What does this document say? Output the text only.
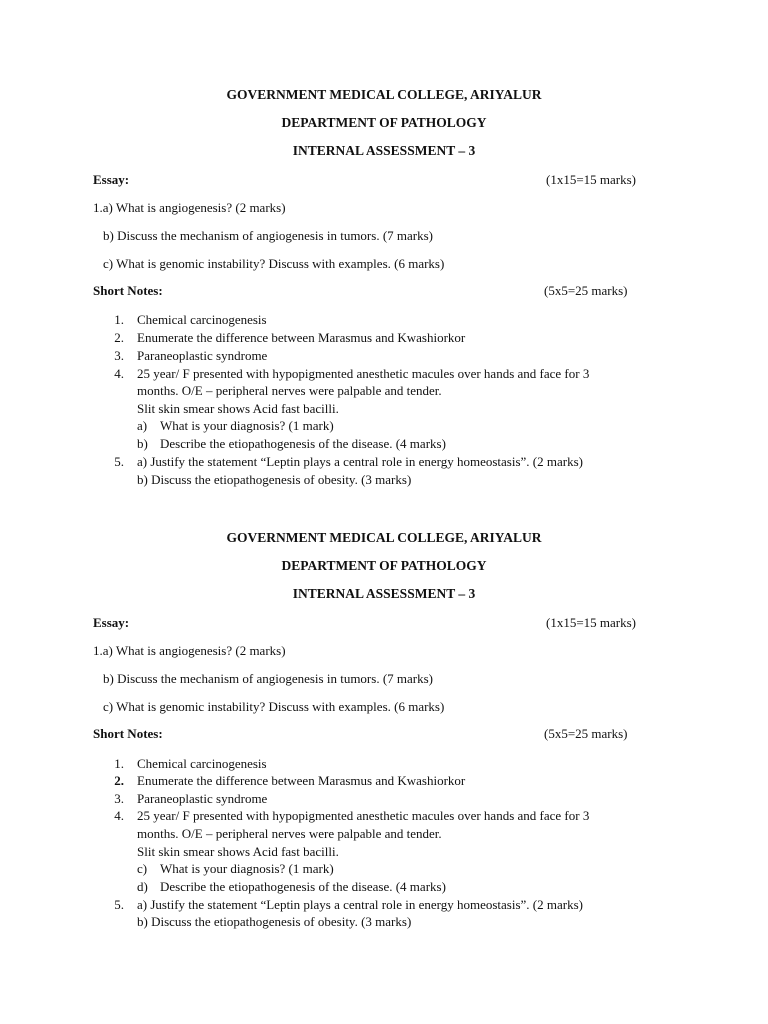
GOVERNMENT MEDICAL COLLEGE, ARIYALUR
DEPARTMENT OF PATHOLOGY
INTERNAL ASSESSMENT – 3
Essay:	(1x15=15 marks)
1.a) What is angiogenesis? (2 marks)
b) Discuss the mechanism of angiogenesis in tumors. (7 marks)
c) What is genomic instability? Discuss with examples. (6 marks)
Short Notes:	(5x5=25 marks)
1. Chemical carcinogenesis
2. Enumerate the difference between Marasmus and Kwashiorkor
3. Paraneoplastic syndrome
4. 25 year/ F presented with hypopigmented anesthetic macules over hands and face for 3
months. O/E – peripheral nerves were palpable and tender.
Slit skin smear shows Acid fast bacilli.
a) What is your diagnosis? (1 mark)
b) Describe the etiopathogenesis of the disease. (4 marks)
5. a) Justify the statement “Leptin plays a central role in energy homeostasis”. (2 marks)
b) Discuss the etiopathogenesis of obesity. (3 marks)
GOVERNMENT MEDICAL COLLEGE, ARIYALUR
DEPARTMENT OF PATHOLOGY
INTERNAL ASSESSMENT – 3
Essay:	(1x15=15 marks)
1.a) What is angiogenesis? (2 marks)
b) Discuss the mechanism of angiogenesis in tumors. (7 marks)
c) What is genomic instability? Discuss with examples. (6 marks)
Short Notes:	(5x5=25 marks)
1. Chemical carcinogenesis
2. Enumerate the difference between Marasmus and Kwashiorkor
3. Paraneoplastic syndrome
4. 25 year/ F presented with hypopigmented anesthetic macules over hands and face for 3
months. O/E – peripheral nerves were palpable and tender.
Slit skin smear shows Acid fast bacilli.
c) What is your diagnosis? (1 mark)
d) Describe the etiopathogenesis of the disease. (4 marks)
5. a) Justify the statement “Leptin plays a central role in energy homeostasis”. (2 marks)
b) Discuss the etiopathogenesis of obesity. (3 marks)
